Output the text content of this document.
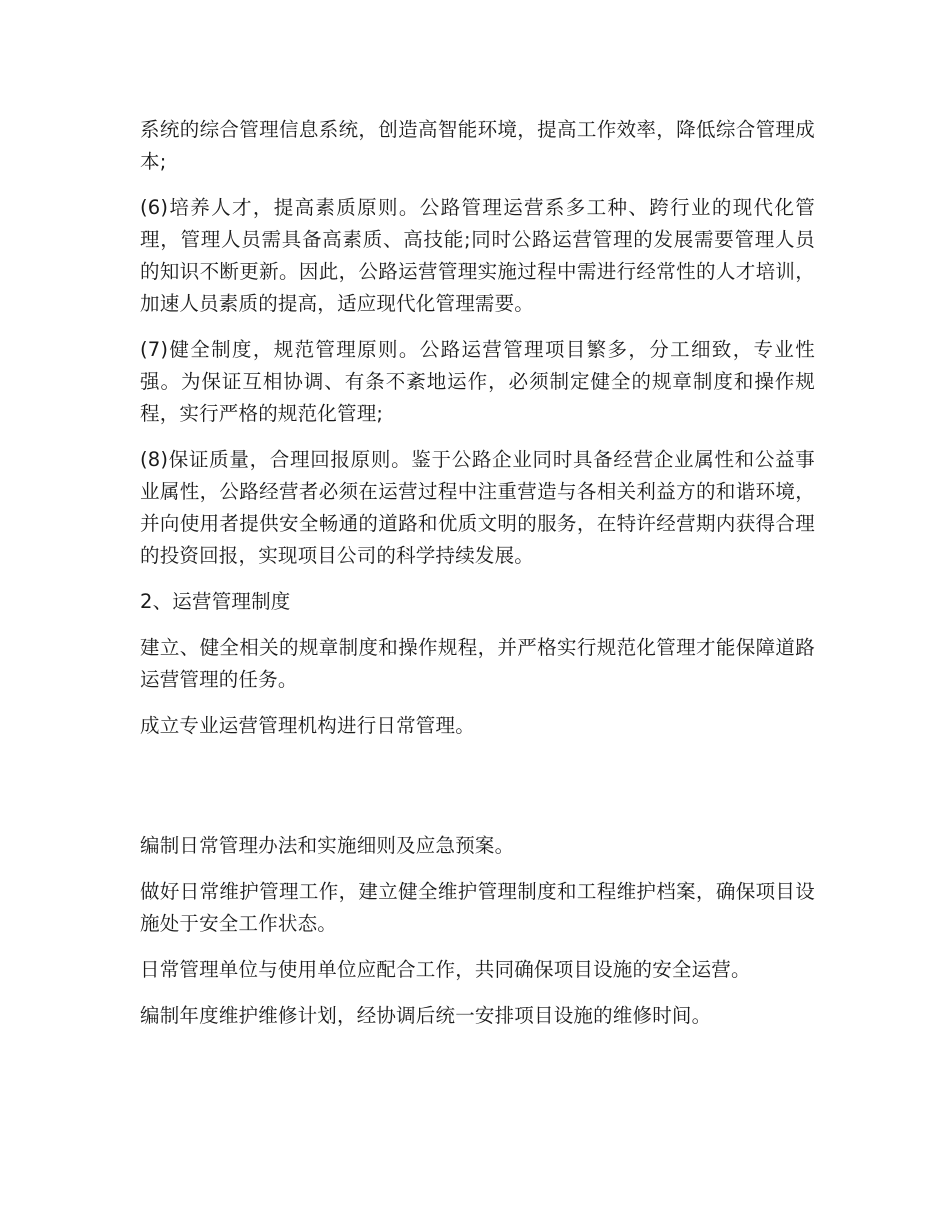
系统的综合管理信息系统，创造高智能环境，提高工作效率，降低综合管理成本;

(6)培养人才，提高素质原则。公路管理运营系多工种、跨行业的现代化管理，管理人员需具备高素质、高技能;同时公路运营管理的发展需要管理人员的知识不断更新。因此，公路运营管理实施过程中需进行经常性的人才培训，加速人员素质的提高，适应现代化管理需要。

(7)健全制度，规范管理原则。公路运营管理项目繁多，分工细致，专业性强。为保证互相协调、有条不紊地运作，必须制定健全的规章制度和操作规程，实行严格的规范化管理;

(8)保证质量，合理回报原则。鉴于公路企业同时具备经营企业属性和公益事业属性，公路经营者必须在运营过程中注重营造与各相关利益方的和谐环境，并向使用者提供安全畅通的道路和优质文明的服务，在特许经营期内获得合理的投资回报，实现项目公司的科学持续发展。

2、运营管理制度

建立、健全相关的规章制度和操作规程，并严格实行规范化管理才能保障道路运营管理的任务。

成立专业运营管理机构进行日常管理。

编制日常管理办法和实施细则及应急预案。

做好日常维护管理工作，建立健全维护管理制度和工程维护档案，确保项目设施处于安全工作状态。

日常管理单位与使用单位应配合工作，共同确保项目设施的安全运营。

编制年度维护维修计划，经协调后统一安排项目设施的维修时间。
